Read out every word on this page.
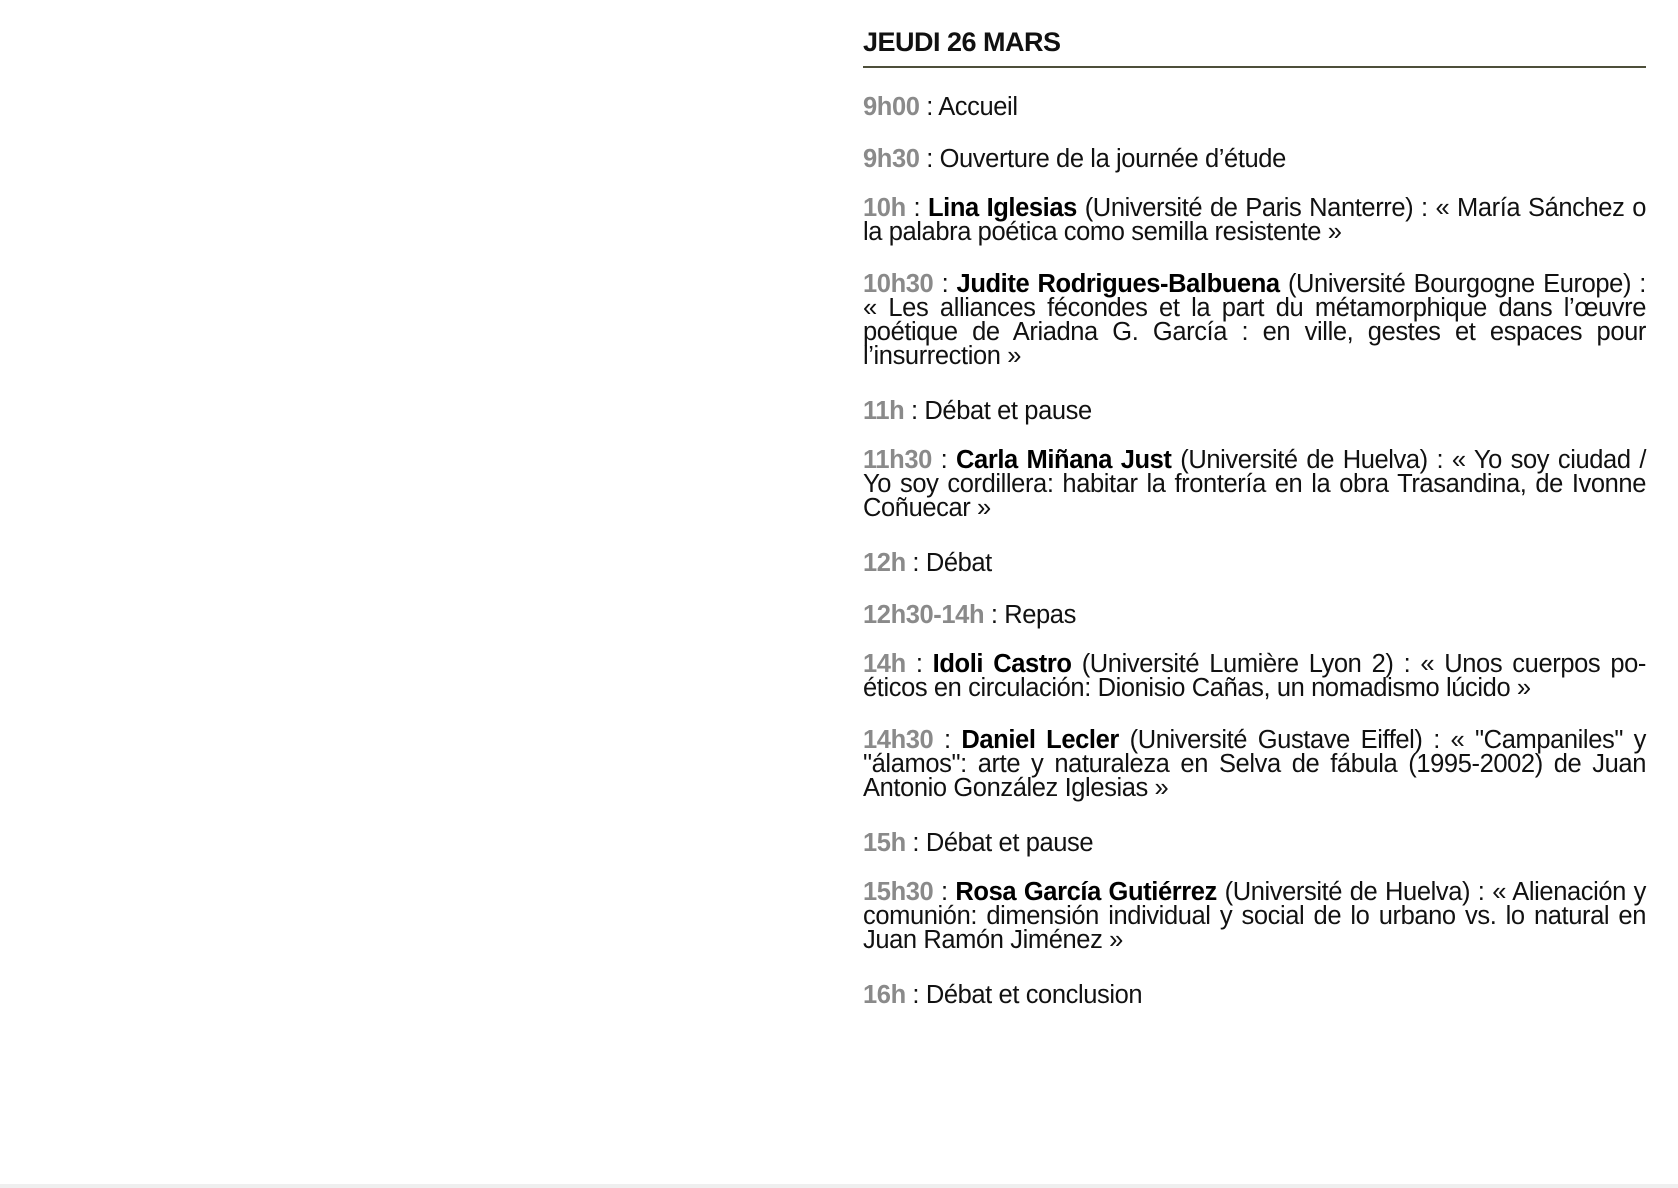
JEUDI 26 MARS

9h00 : Accueil

9h30 : Ouverture de la journée d’étude

10h : Lina Iglesias (Université de Paris Nanterre) : « María Sánchez o la palabra poética como semilla resistente »

10h30 : Judite Rodrigues-Balbuena (Université Bourgogne Europe) : « Les alliances fécondes et la part du métamorphique dans l’œuvre poétique de Ariadna G. García : en ville, gestes et espaces pour l’insurrection »

11h : Débat et pause

11h30 : Carla Miñana Just (Université de Huelva) : « Yo soy ciudad / Yo soy cordillera: habitar la frontería en la obra Trasandina, de Ivonne Coñuecar »

12h : Débat

12h30-14h : Repas

14h : Idoli Castro (Université Lumière Lyon 2) : « Unos cuerpos po-éticos en circulación: Dionisio Cañas, un nomadismo lúcido »

14h30 : Daniel Lecler (Université Gustave Eiffel) : « "Campaniles" y "álamos": arte y naturaleza en Selva de fábula (1995-2002) de Juan Antonio González Iglesias »

15h : Débat et pause

15h30 : Rosa García Gutiérrez (Université de Huelva) : « Alienación y comunión: dimensión individual y social de lo urbano vs. lo natural en Juan Ramón Jiménez »

16h : Débat et conclusion
